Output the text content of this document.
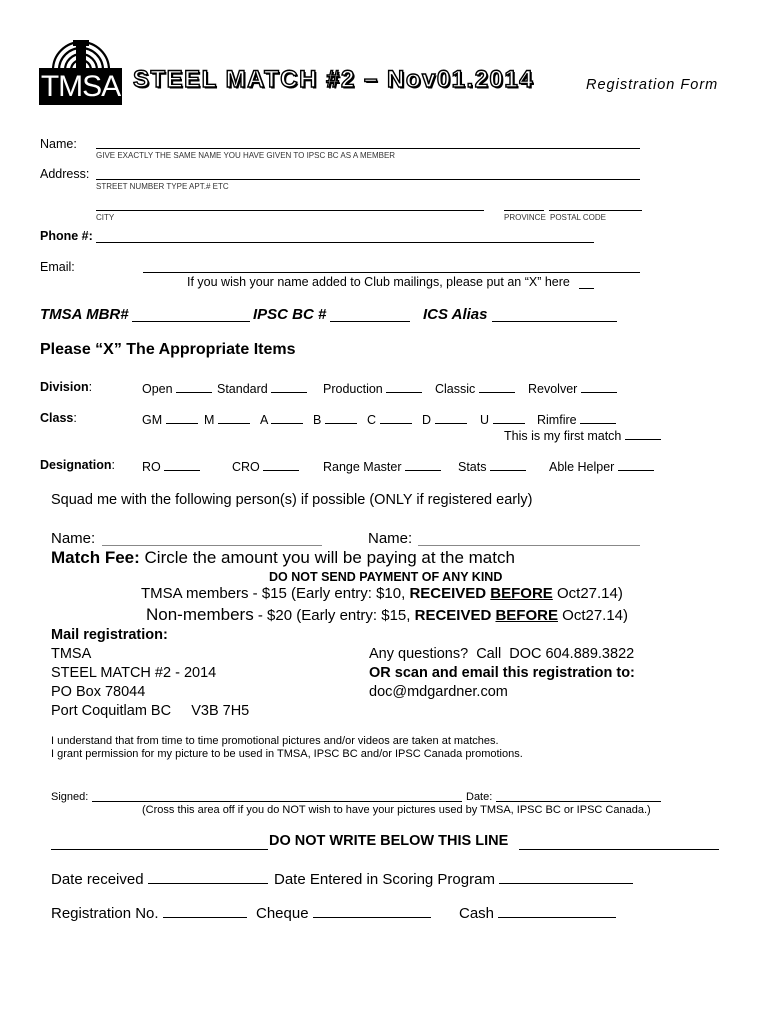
TMSA STEEL MATCH #2 – Nov01.2014	Registration Form
Name:
GIVE EXACTLY THE SAME NAME YOU HAVE GIVEN TO IPSC BC AS A MEMBER
Address:
STREET NUMBER TYPE APT.# ETC
CITY	PROVINCE POSTAL CODE
Phone #:
Email:
If you wish your name added to Club mailings, please put an “X” here
TMSA MBR#	IPSC BC #	ICS Alias
Please “X” The Appropriate Items
Division:	Open	Standard	Production	Classic	Revolver
Class:	GM	M	A	B	C	D	U	Rimfire
This is my first match
Designation: RO	CRO	Range Master	Stats	Able Helper
Squad me with the following person(s) if possible (ONLY if registered early)
Name:	Name:
Match Fee: Circle the amount you will be paying at the match
DO NOT SEND PAYMENT OF ANY KIND
TMSA members - $15 (Early entry: $10, RECEIVED BEFORE Oct27.14)
Non-members - $20 (Early entry: $15, RECEIVED BEFORE Oct27.14)
Mail registration:
TMSA
STEEL MATCH #2 - 2014
PO Box 78044
Port Coquitlam BC     V3B 7H5
Any questions?  Call  DOC 604.889.3822
OR scan and email this registration to:
doc@mdgardner.com
I understand that from time to time promotional pictures and/or videos are taken at matches.
I grant permission for my picture to be used in TMSA, IPSC BC and/or IPSC Canada promotions.
Signed:	Date:
(Cross this area off if you do NOT wish to have your pictures used by TMSA, IPSC BC or IPSC Canada.)
DO NOT WRITE BELOW THIS LINE
Date received	Date Entered in Scoring Program
Registration No.	Cheque	Cash
